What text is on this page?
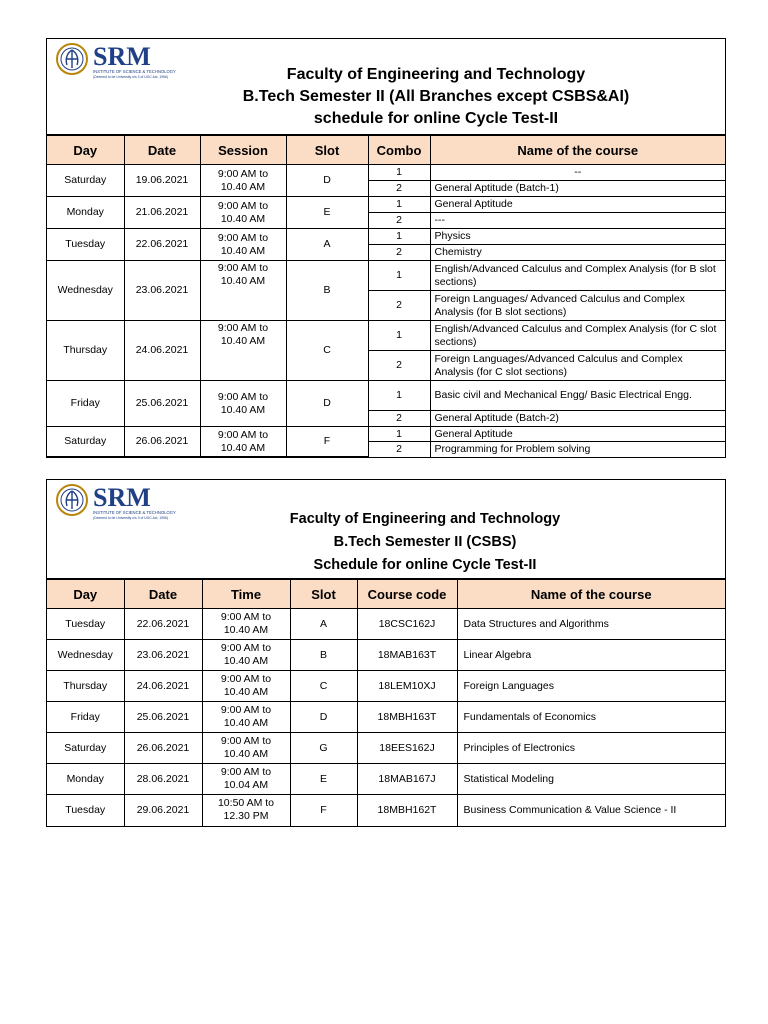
SRM
INSTITUTE OF SCIENCE & TECHNOLOGY
(Deemed to be University u/s 3 of UGC Act, 1956)	Faculty of Engineering and Technology
B.Tech Semester II (All Branches except CSBS&AI)
schedule for online Cycle Test-II
Day	Date	Session	Slot	Combo	Name of the course
Saturday	19.06.2021	9:00 AM to 10.40 AM	D	1	--
				2	General Aptitude (Batch-1)
Monday	21.06.2021	9:00 AM to 10.40 AM	E	1	General Aptitude
				2	---
Tuesday	22.06.2021	9:00 AM to 10.40 AM	A	1	Physics
				2	Chemistry
Wednesday	23.06.2021	9:00 AM to 10.40 AM	B	1	English/Advanced Calculus and Complex Analysis (for B slot sections)
				2	Foreign Languages/ Advanced Calculus and Complex Analysis (for B slot sections)
Thursday	24.06.2021	9:00 AM to 10.40 AM	C	1	English/Advanced Calculus and Complex Analysis (for C slot sections)
				2	Foreign Languages/Advanced Calculus and Complex Analysis (for C slot sections)
Friday	25.06.2021	9:00 AM to 10.40 AM	D	1	Basic civil and Mechanical Engg/ Basic Electrical Engg.
				2	General Aptitude (Batch-2)
Saturday	26.06.2021	9:00 AM to 10.40 AM	F	1	General Aptitude
				2	Programming for Problem solving
SRM
INSTITUTE OF SCIENCE & TECHNOLOGY
(Deemed to be University u/s 3 of UGC Act, 1956)	Faculty of Engineering and Technology
B.Tech Semester II (CSBS)
Schedule for online Cycle Test-II
Day	Date	Time	Slot	Course code	Name of the course
Tuesday	22.06.2021	9:00 AM to 10.40 AM	A	18CSC162J	Data Structures and Algorithms
Wednesday	23.06.2021	9:00 AM to 10.40 AM	B	18MAB163T	Linear Algebra
Thursday	24.06.2021	9:00 AM to 10.40 AM	C	18LEM10XJ	Foreign Languages
Friday	25.06.2021	9:00 AM to 10.40 AM	D	18MBH163T	Fundamentals of Economics
Saturday	26.06.2021	9:00 AM to 10.40 AM	G	18EES162J	Principles of Electronics
Monday	28.06.2021	9:00 AM to 10.04 AM	E	18MAB167J	Statistical Modeling
Tuesday	29.06.2021	10:50 AM to 12.30 PM	F	18MBH162T	Business Communication & Value Science - II
